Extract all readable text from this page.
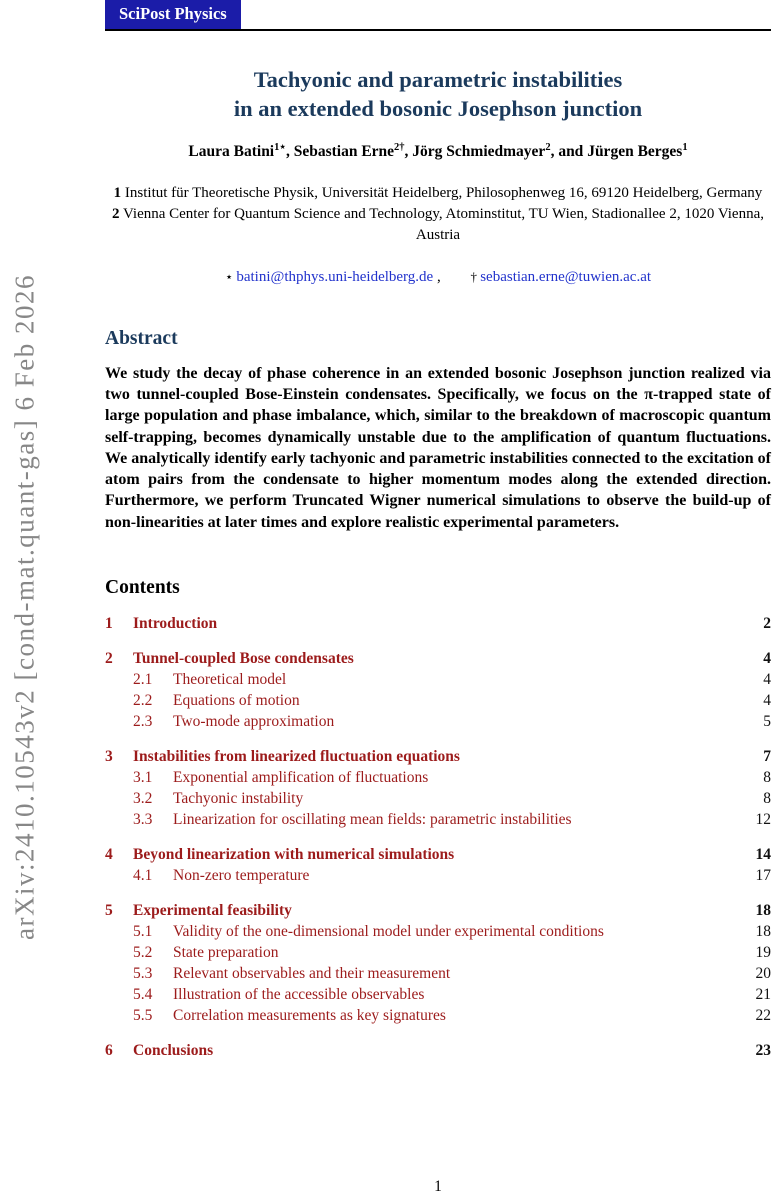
arXiv:2410.10543v2 [cond-mat.quant-gas] 6 Feb 2026
SciPost Physics
Tachyonic and parametric instabilities
in an extended bosonic Josephson junction
Laura Batini$^{1⋆}$, Sebastian Erne$^{2\dagger}$, Jörg Schmiedmayer$^2$, and Jürgen Berges$^1$
1 Institut für Theoretische Physik, Universität Heidelberg, Philosophenweg 16, 69120 Heidelberg, Germany
2 Vienna Center for Quantum Science and Technology, Atominstitut, TU Wien, Stadionallee 2, 1020 Vienna, Austria
⋆ batini@thphys.uni-heidelberg.de , † sebastian.erne@tuwien.ac.at
Abstract
We study the decay of phase coherence in an extended bosonic Josephson junction realized via two tunnel-coupled Bose-Einstein condensates. Specifically, we focus on the π-trapped state of large population and phase imbalance, which, similar to the breakdown of macroscopic quantum self-trapping, becomes dynamically unstable due to the amplification of quantum fluctuations. We analytically identify early tachyonic and parametric instabilities connected to the excitation of atom pairs from the condensate to higher momentum modes along the extended direction. Furthermore, we perform Truncated Wigner numerical simulations to observe the build-up of non-linearities at later times and explore realistic experimental parameters.
Contents
1	Introduction	2
2	Tunnel-coupled Bose condensates	4
2.1	Theoretical model	4
2.2	Equations of motion	4
2.3	Two-mode approximation	5
3	Instabilities from linearized fluctuation equations	7
3.1	Exponential amplification of fluctuations	8
3.2	Tachyonic instability	8
3.3	Linearization for oscillating mean fields: parametric instabilities	12
4	Beyond linearization with numerical simulations	14
4.1	Non-zero temperature	17
5	Experimental feasibility	18
5.1	Validity of the one-dimensional model under experimental conditions	18
5.2	State preparation	19
5.3	Relevant observables and their measurement	20
5.4	Illustration of the accessible observables	21
5.5	Correlation measurements as key signatures	22
6	Conclusions	23
1
